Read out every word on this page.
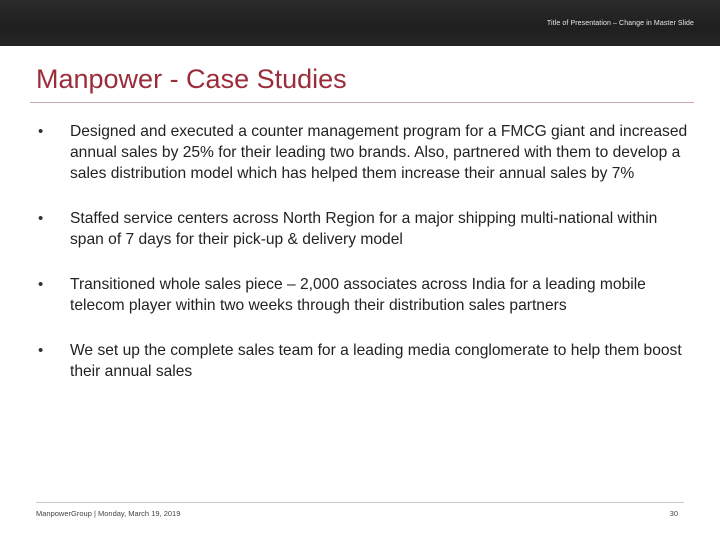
Title of Presentation – Change in Master Slide
Manpower - Case Studies
• Designed and executed a counter management program for a FMCG giant and increased annual sales by 25% for their leading two brands. Also, partnered with them to develop a sales distribution model which has helped them increase their annual sales by 7%
• Staffed service centers across North Region for a major shipping multi-national within span of 7 days for their pick-up & delivery model
• Transitioned whole sales piece – 2,000 associates across India for a leading mobile telecom player within two weeks through their distribution sales partners
• We set up the complete sales team for a leading media conglomerate to help them boost their annual sales
ManpowerGroup | Monday, March 19, 2019	30
